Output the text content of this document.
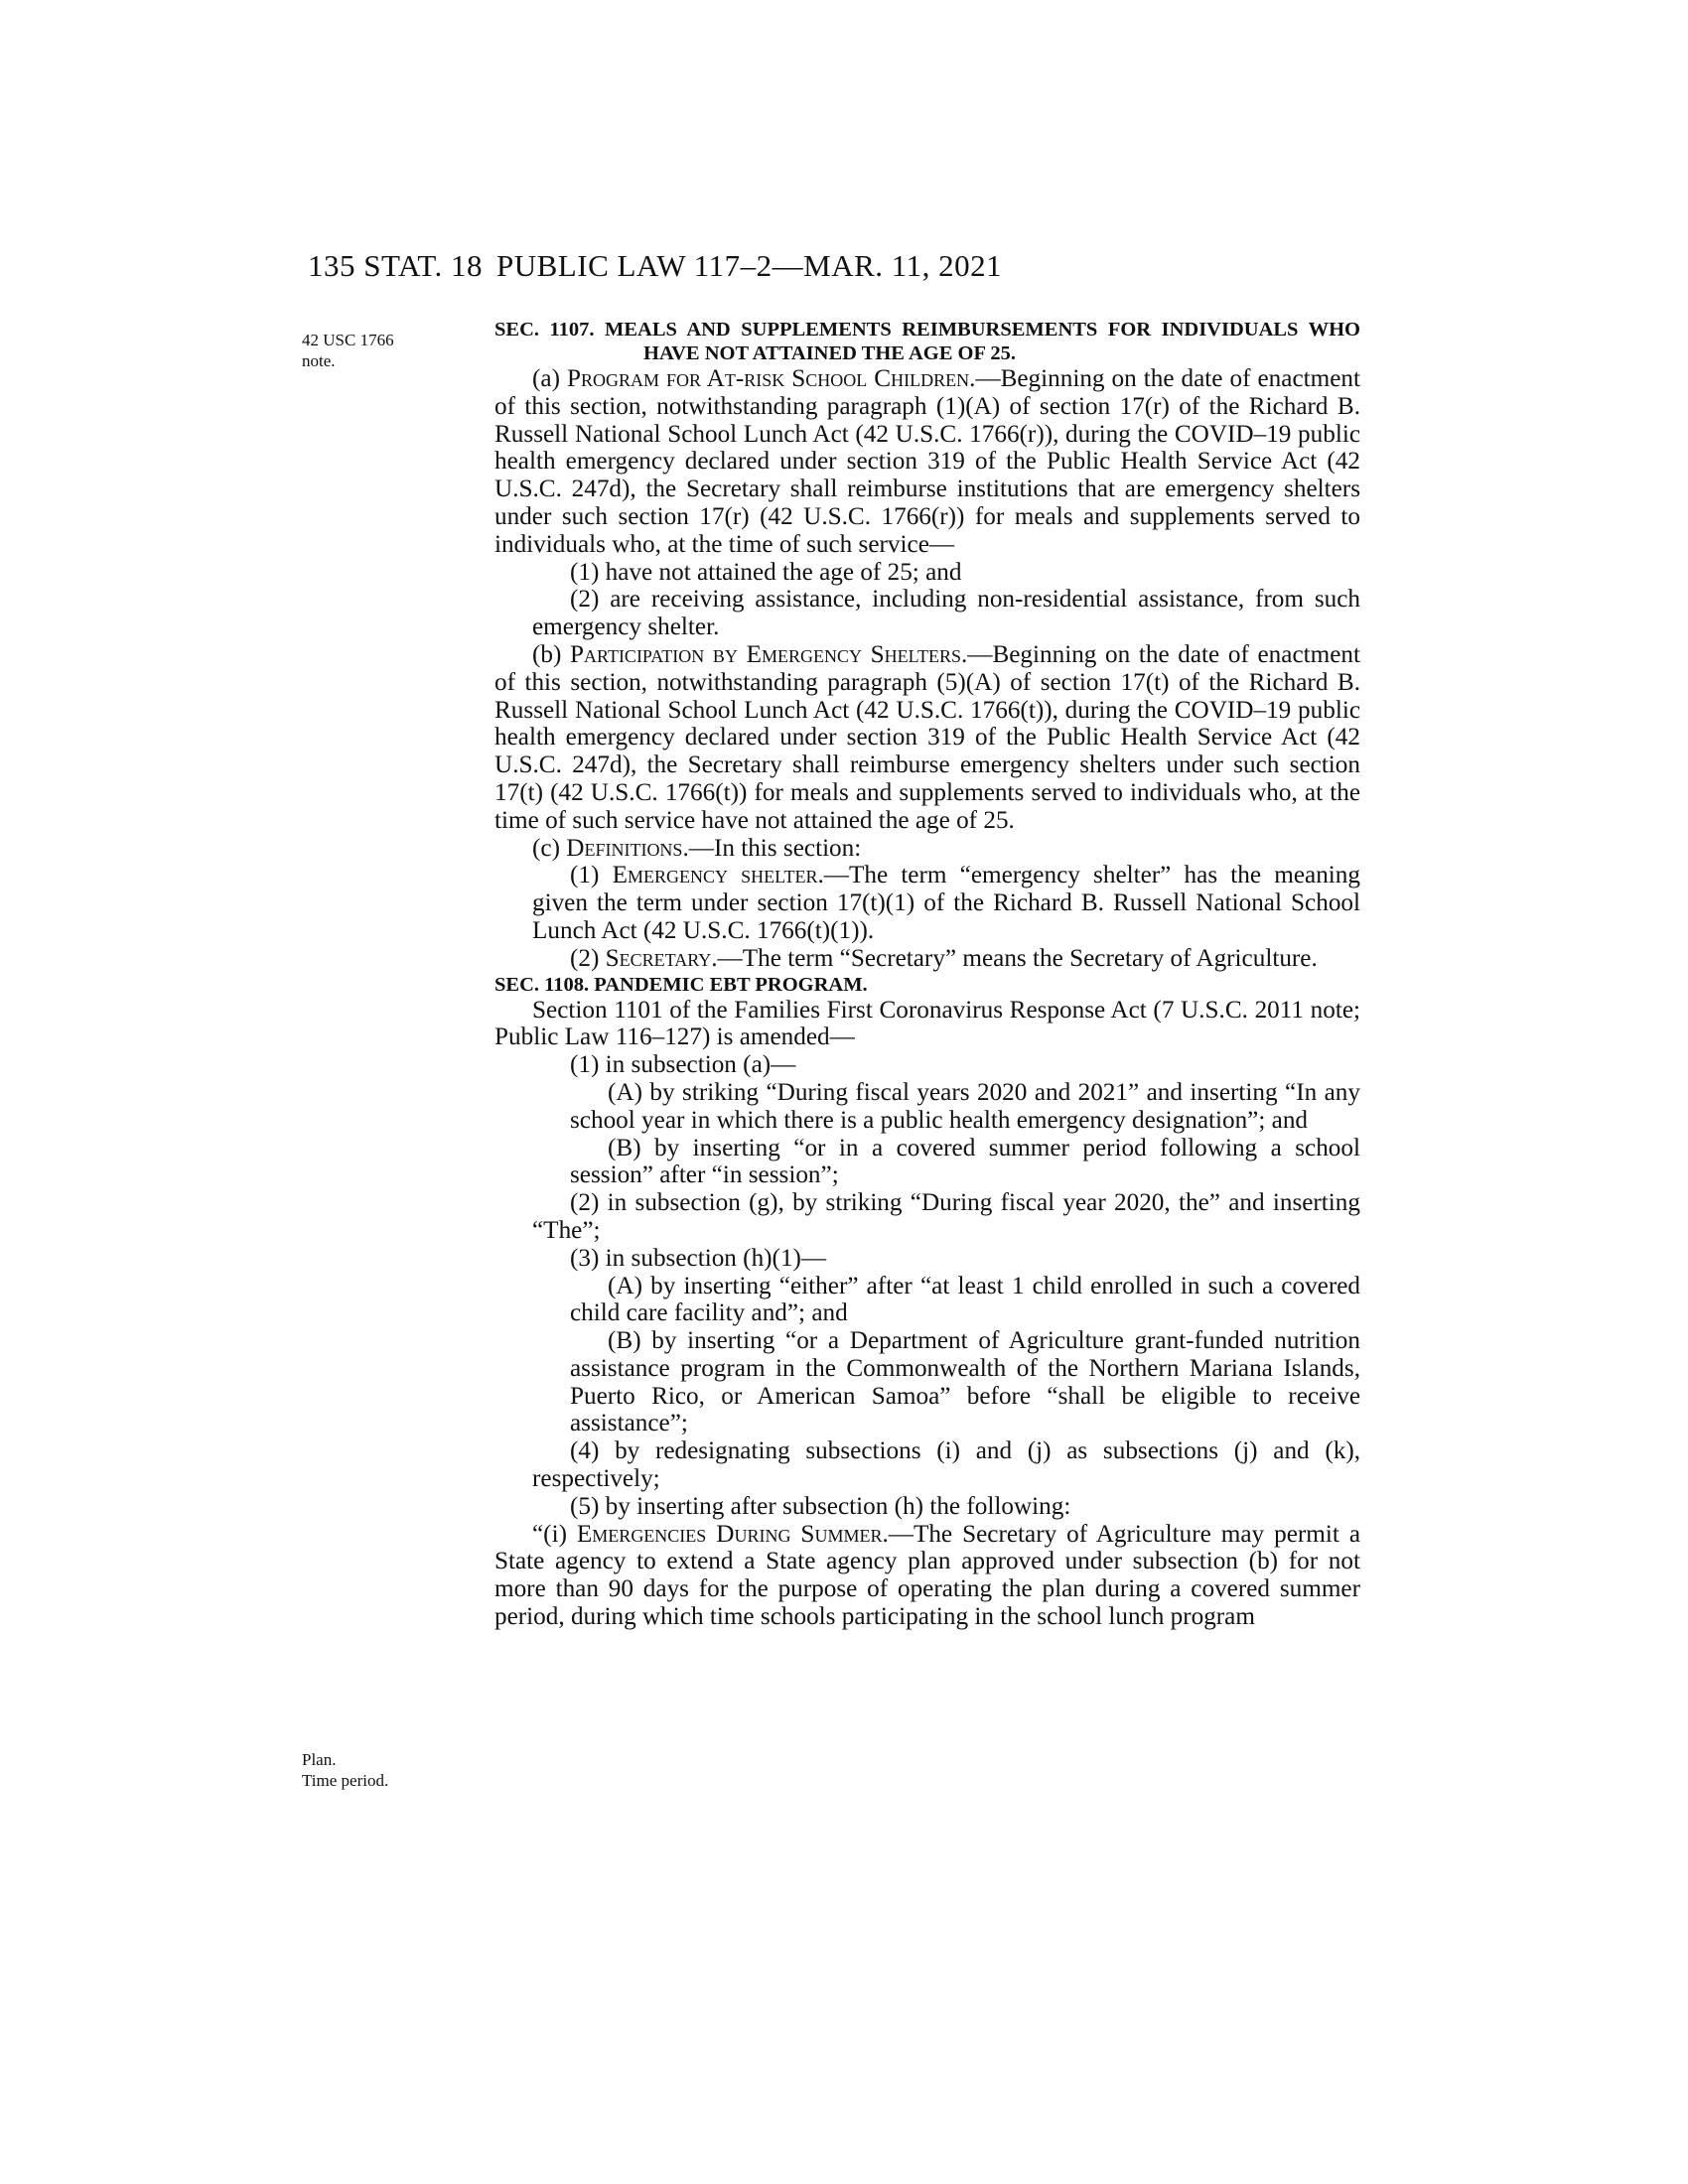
135 STAT. 18 PUBLIC LAW 117–2—MAR. 11, 2021
42 USC 1766
note.
Plan.
Time period.

SEC. 1107. MEALS AND SUPPLEMENTS REIMBURSEMENTS FOR INDIVIDUALS WHO HAVE NOT ATTAINED THE AGE OF 25.

(a) Program for At-risk School Children.—Beginning on the date of enactment of this section, notwithstanding paragraph (1)(A) of section 17(r) of the Richard B. Russell National School Lunch Act (42 U.S.C. 1766(r)), during the COVID–19 public health emergency declared under section 319 of the Public Health Service Act (42 U.S.C. 247d), the Secretary shall reimburse institutions that are emergency shelters under such section 17(r) (42 U.S.C. 1766(r)) for meals and supplements served to individuals who, at the time of such service—

(1) have not attained the age of 25; and

(2) are receiving assistance, including non-residential assistance, from such emergency shelter.

(b) Participation by Emergency Shelters.—Beginning on the date of enactment of this section, notwithstanding paragraph (5)(A) of section 17(t) of the Richard B. Russell National School Lunch Act (42 U.S.C. 1766(t)), during the COVID–19 public health emergency declared under section 319 of the Public Health Service Act (42 U.S.C. 247d), the Secretary shall reimburse emergency shelters under such section 17(t) (42 U.S.C. 1766(t)) for meals and supplements served to individuals who, at the time of such service have not attained the age of 25.

(c) Definitions.—In this section:

(1) Emergency shelter.—The term “emergency shelter” has the meaning given the term under section 17(t)(1) of the Richard B. Russell National School Lunch Act (42 U.S.C. 1766(t)(1)).

(2) Secretary.—The term “Secretary” means the Secretary of Agriculture.

SEC. 1108. PANDEMIC EBT PROGRAM.

Section 1101 of the Families First Coronavirus Response Act (7 U.S.C. 2011 note; Public Law 116–127) is amended—

(1) in subsection (a)—

(A) by striking “During fiscal years 2020 and 2021” and inserting “In any school year in which there is a public health emergency designation”; and

(B) by inserting “or in a covered summer period following a school session” after “in session”;

(2) in subsection (g), by striking “During fiscal year 2020, the” and inserting “The”;

(3) in subsection (h)(1)—

(A) by inserting “either” after “at least 1 child enrolled in such a covered child care facility and”; and

(B) by inserting “or a Department of Agriculture grant-funded nutrition assistance program in the Commonwealth of the Northern Mariana Islands, Puerto Rico, or American Samoa” before “shall be eligible to receive assistance”;

(4) by redesignating subsections (i) and (j) as subsections (j) and (k), respectively;

(5) by inserting after subsection (h) the following:

“(i) Emergencies During Summer.—The Secretary of Agriculture may permit a State agency to extend a State agency plan approved under subsection (b) for not more than 90 days for the purpose of operating the plan during a covered summer period, during which time schools participating in the school lunch program
